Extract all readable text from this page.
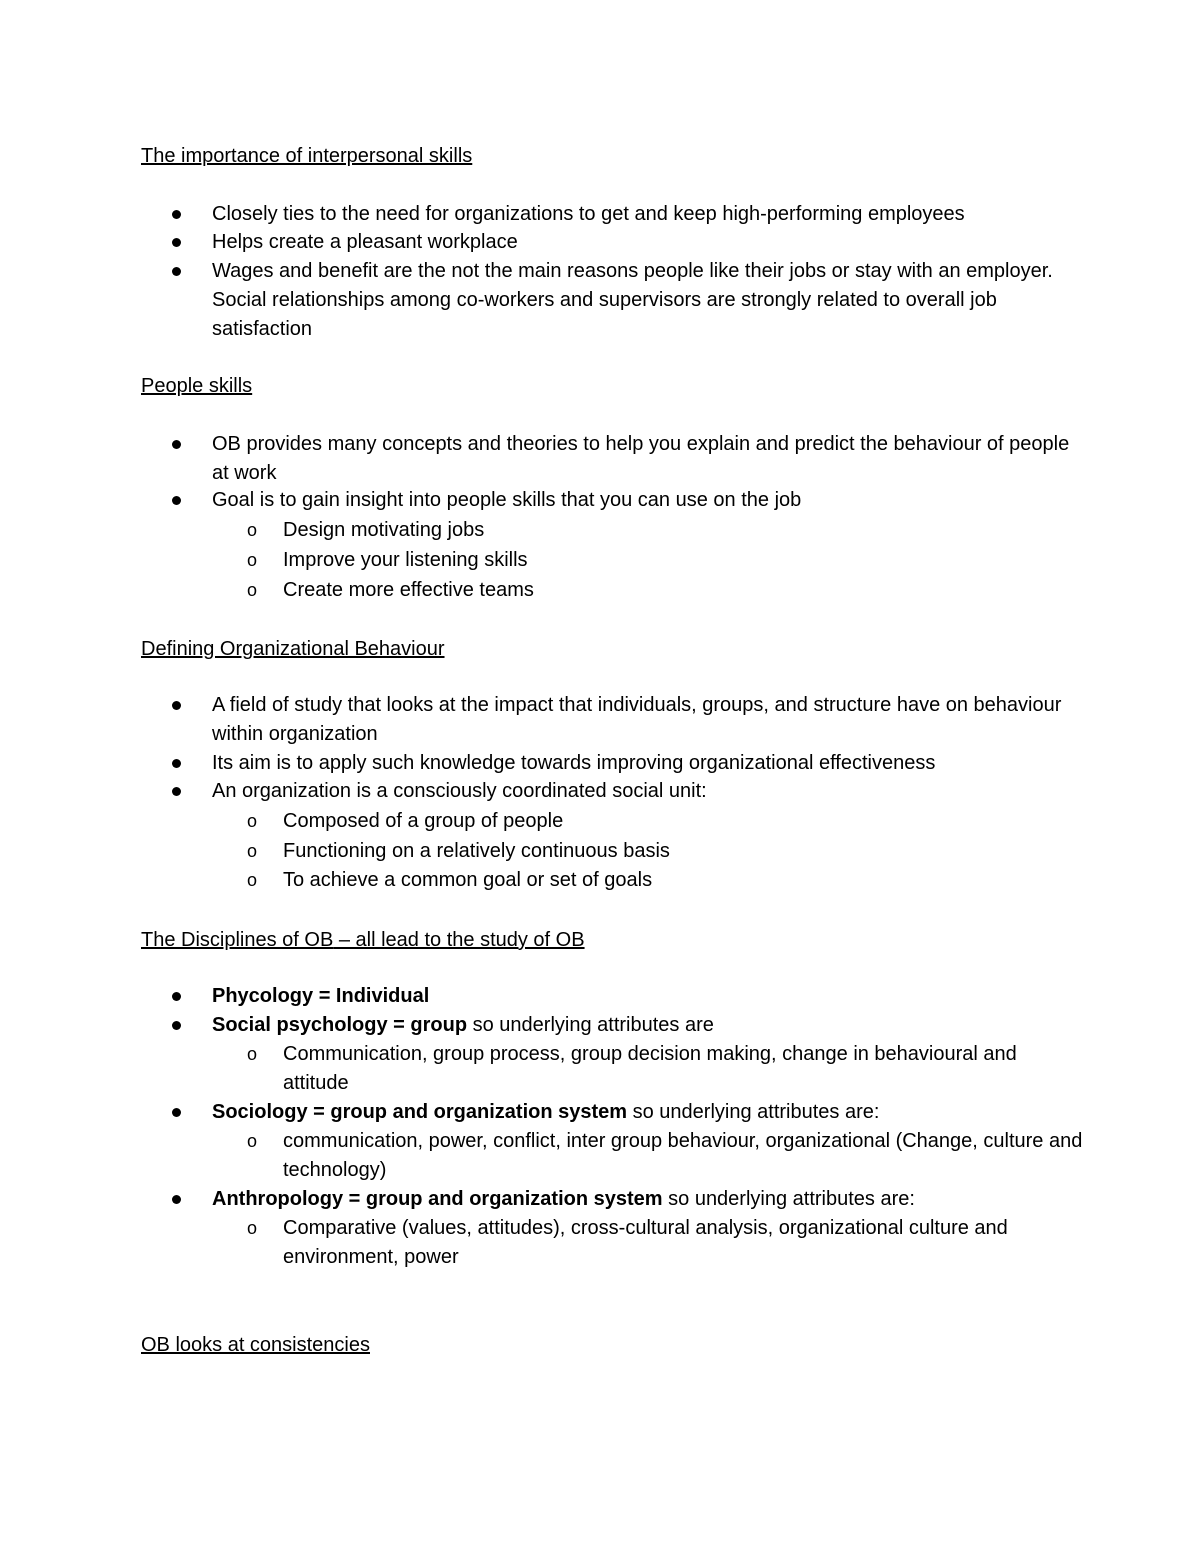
The importance of interpersonal skills

Closely ties to the need for organizations to get and keep high-performing employees

Helps create a pleasant workplace

Wages and benefit are the not the main reasons people like their jobs or stay with an employer. Social relationships among co-workers and supervisors are strongly related to overall job satisfaction

People skills

OB provides many concepts and theories to help you explain and predict the behaviour of people at work

Goal is to gain insight into people skills that you can use on the job

o Design motivating jobs

o Improve your listening skills

o Create more effective teams

Defining Organizational Behaviour

A field of study that looks at the impact that individuals, groups, and structure have on behaviour within organization

Its aim is to apply such knowledge towards improving organizational effectiveness

An organization is a consciously coordinated social unit:

o Composed of a group of people

o Functioning on a relatively continuous basis

o To achieve a common goal or set of goals

The Disciplines of OB – all lead to the study of OB

Phycology = Individual

Social psychology = group so underlying attributes are

o Communication, group process, group decision making, change in behavioural and attitude

Sociology = group and organization system so underlying attributes are:

o communication, power, conflict, inter group behaviour, organizational (Change, culture and technology)

Anthropology = group and organization system so underlying attributes are:

o Comparative (values, attitudes), cross-cultural analysis, organizational culture and environment, power

OB looks at consistencies
